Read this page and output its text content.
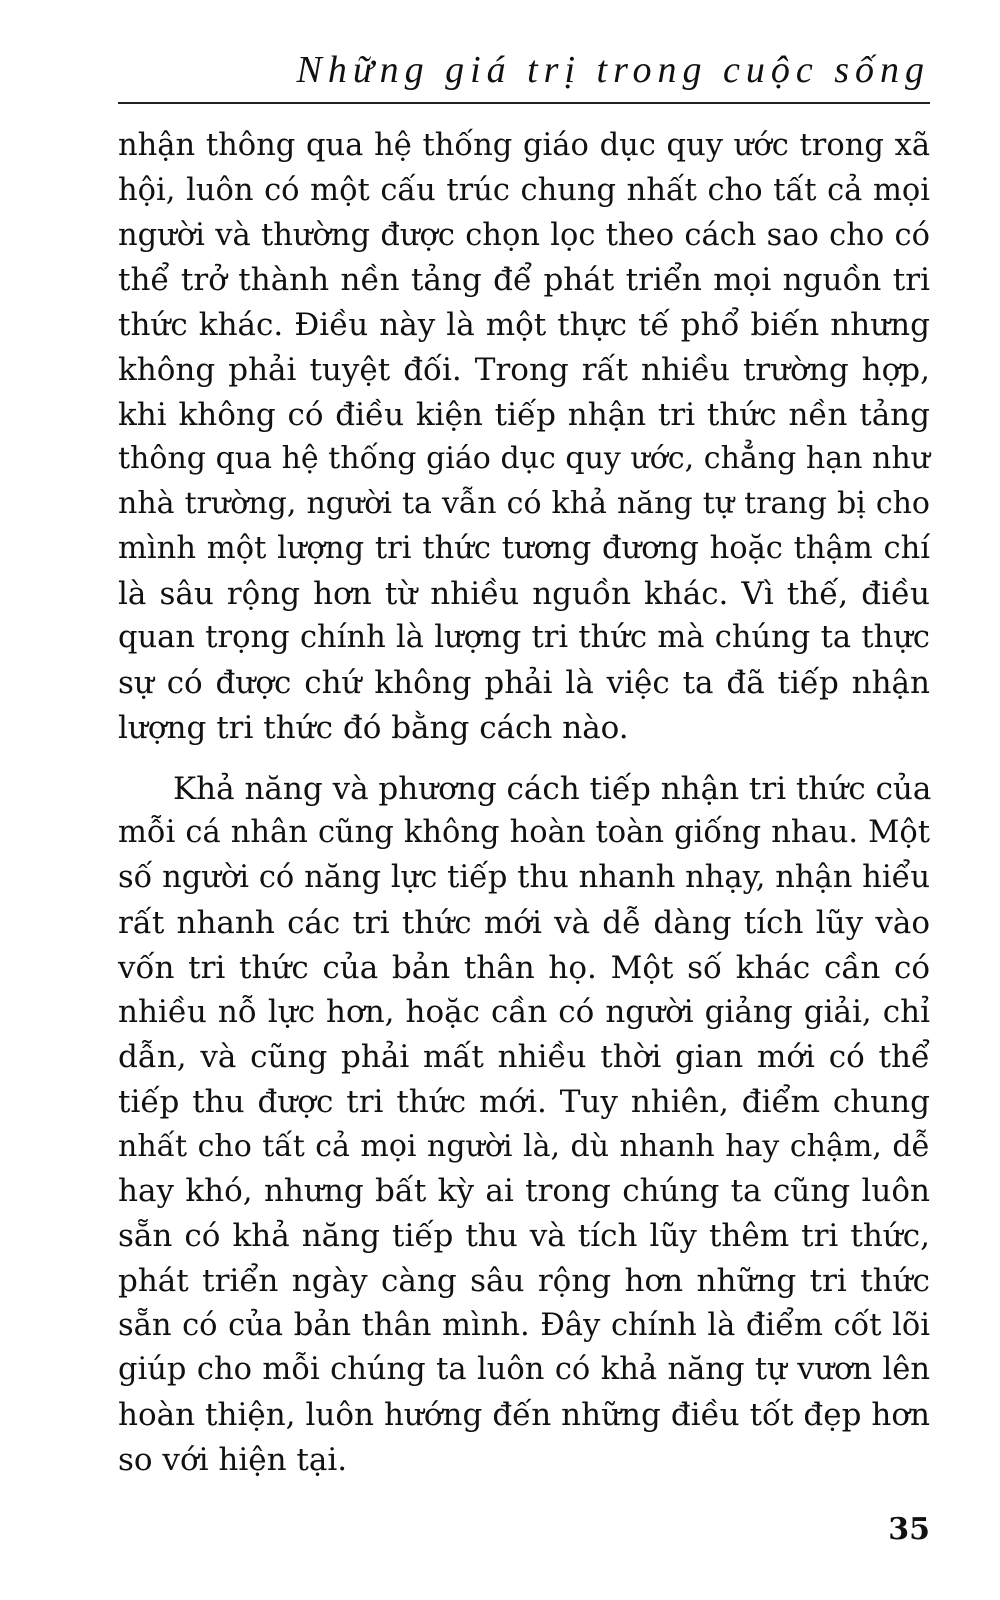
Những giá trị trong cuộc sống
nhận thông qua hệ thống giáo dục quy ước trong xã
hội, luôn có một cấu trúc chung nhất cho tất cả mọi
người và thường được chọn lọc theo cách sao cho có
thể trở thành nền tảng để phát triển mọi nguồn tri
thức khác. Điều này là một thực tế phổ biến nhưng
không phải tuyệt đối. Trong rất nhiều trường hợp,
khi không có điều kiện tiếp nhận tri thức nền tảng
thông qua hệ thống giáo dục quy ước, chẳng hạn như
nhà trường, người ta vẫn có khả năng tự trang bị cho
mình một lượng tri thức tương đương hoặc thậm chí
là sâu rộng hơn từ nhiều nguồn khác. Vì thế, điều
quan trọng chính là lượng tri thức mà chúng ta thực
sự có được chứ không phải là việc ta đã tiếp nhận
lượng tri thức đó bằng cách nào.
Khả năng và phương cách tiếp nhận tri thức của
mỗi cá nhân cũng không hoàn toàn giống nhau. Một
số người có năng lực tiếp thu nhanh nhạy, nhận hiểu
rất nhanh các tri thức mới và dễ dàng tích lũy vào
vốn tri thức của bản thân họ. Một số khác cần có
nhiều nỗ lực hơn, hoặc cần có người giảng giải, chỉ
dẫn, và cũng phải mất nhiều thời gian mới có thể
tiếp thu được tri thức mới. Tuy nhiên, điểm chung
nhất cho tất cả mọi người là, dù nhanh hay chậm, dễ
hay khó, nhưng bất kỳ ai trong chúng ta cũng luôn
sẵn có khả năng tiếp thu và tích lũy thêm tri thức,
phát triển ngày càng sâu rộng hơn những tri thức
sẵn có của bản thân mình. Đây chính là điểm cốt lõi
giúp cho mỗi chúng ta luôn có khả năng tự vươn lên
hoàn thiện, luôn hướng đến những điều tốt đẹp hơn
so với hiện tại.
35
